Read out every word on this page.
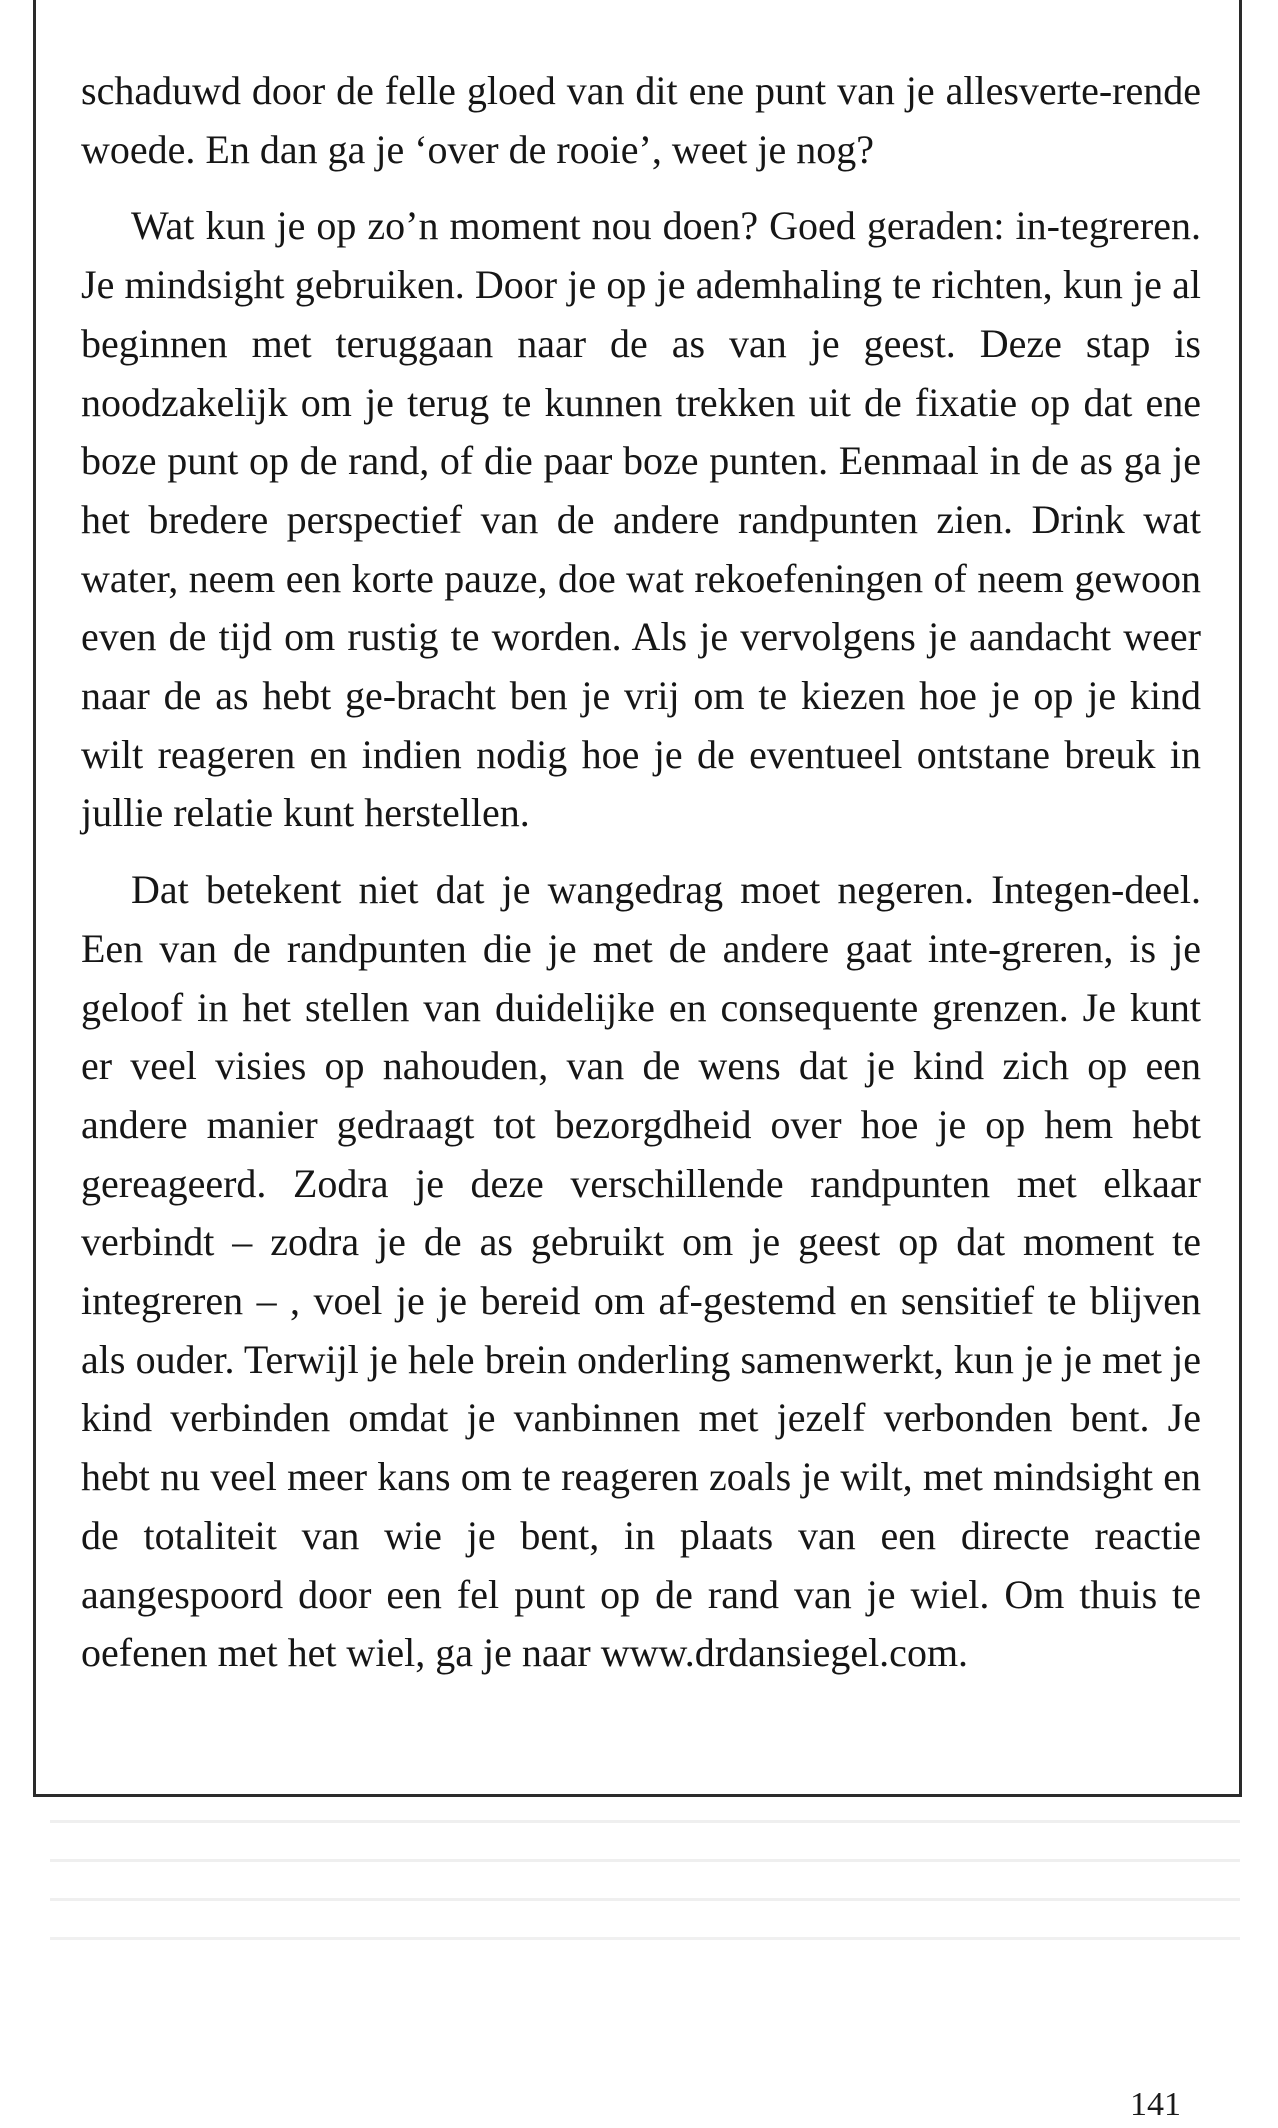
schaduwd door de felle gloed van dit ene punt van je allesverte-rende woede. En dan ga je ‘over de rooie’, weet je nog?

Wat kun je op zo’n moment nou doen? Goed geraden: in-tegreren. Je mindsight gebruiken. Door je op je ademhaling te richten, kun je al beginnen met teruggaan naar de as van je geest. Deze stap is noodzakelijk om je terug te kunnen trekken uit de fixatie op dat ene boze punt op de rand, of die paar boze punten. Eenmaal in de as ga je het bredere perspectief van de andere randpunten zien. Drink wat water, neem een korte pauze, doe wat rekoefeningen of neem gewoon even de tijd om rustig te worden. Als je vervolgens je aandacht weer naar de as hebt ge-bracht ben je vrij om te kiezen hoe je op je kind wilt reageren en indien nodig hoe je de eventueel ontstane breuk in jullie relatie kunt herstellen.

Dat betekent niet dat je wangedrag moet negeren. Integen-deel. Een van de randpunten die je met de andere gaat inte-greren, is je geloof in het stellen van duidelijke en consequente grenzen. Je kunt er veel visies op nahouden, van de wens dat je kind zich op een andere manier gedraagt tot bezorgdheid over hoe je op hem hebt gereageerd. Zodra je deze verschillende randpunten met elkaar verbindt – zodra je de as gebruikt om je geest op dat moment te integreren – , voel je je bereid om af-gestemd en sensitief te blijven als ouder. Terwijl je hele brein onderling samenwerkt, kun je je met je kind verbinden omdat je vanbinnen met jezelf verbonden bent. Je hebt nu veel meer kans om te reageren zoals je wilt, met mindsight en de totaliteit van wie je bent, in plaats van een directe reactie aangespoord door een fel punt op de rand van je wiel. Om thuis te oefenen met het wiel, ga je naar www.drdansiegel.com.

141
